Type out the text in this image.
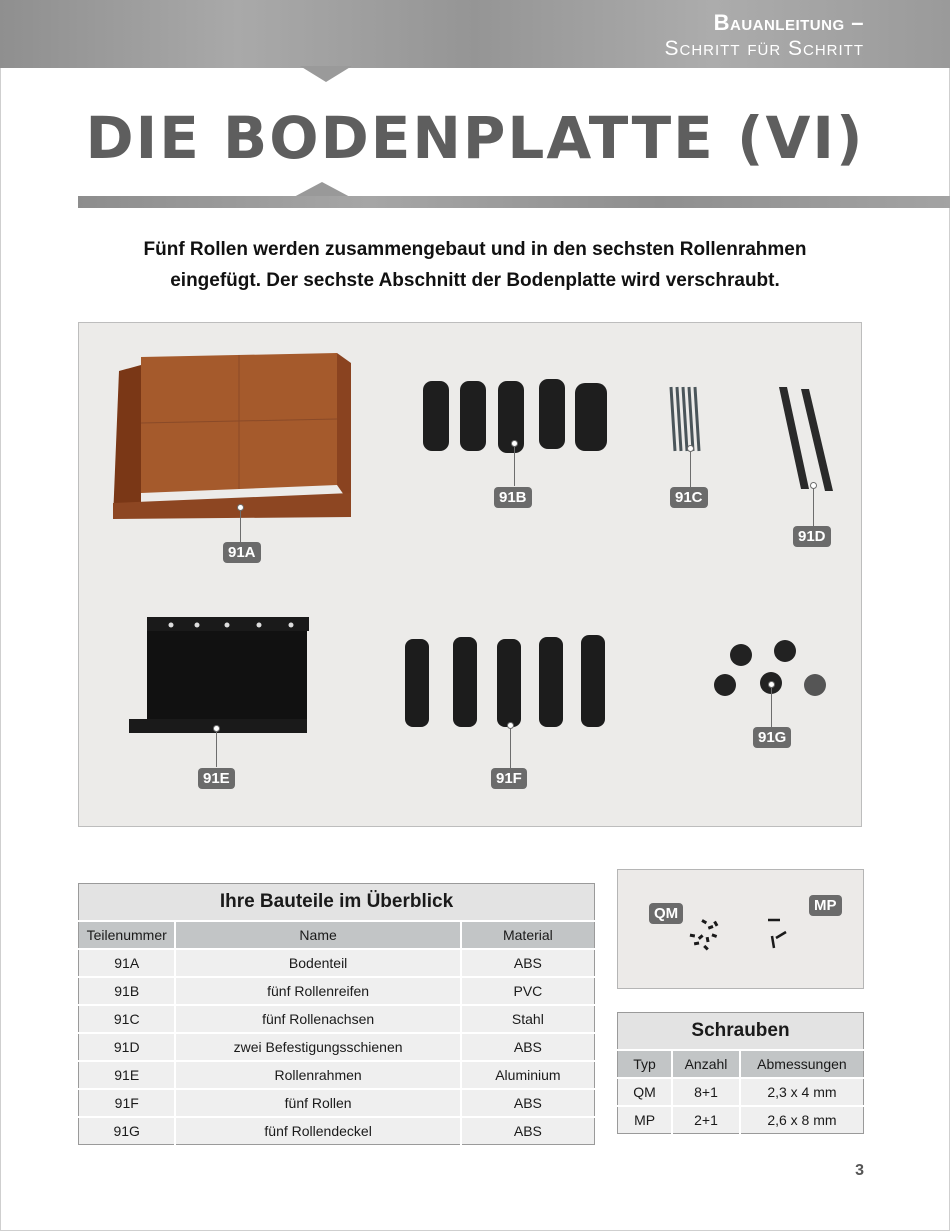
Bauanleitung –
Schritt für Schritt
DIE BODENPLATTE (VI)
Fünf Rollen werden zusammengebaut und in den sechsten Rollenrahmen
eingefügt. Der sechste Abschnitt der Bodenplatte wird verschraubt.
91A
91B	91C
91D
91E	91F
91G
Ihre Bauteile im Überblick		
Teilenummer	Name	Material
91A	Bodenteil	ABS
91B	fünf Rollenreifen	PVC
91C	fünf Rollenachsen	Stahl
91D	zwei Befestigungsschienen	ABS
91E	Rollenrahmen	Aluminium
91F	fünf Rollen	ABS
91G	fünf Rollendeckel	ABS
QM	MP
Schrauben		
Typ	Anzahl	Abmessungen
QM	8+1	2,3 x 4 mm
MP	2+1	2,6 x 8 mm
3
